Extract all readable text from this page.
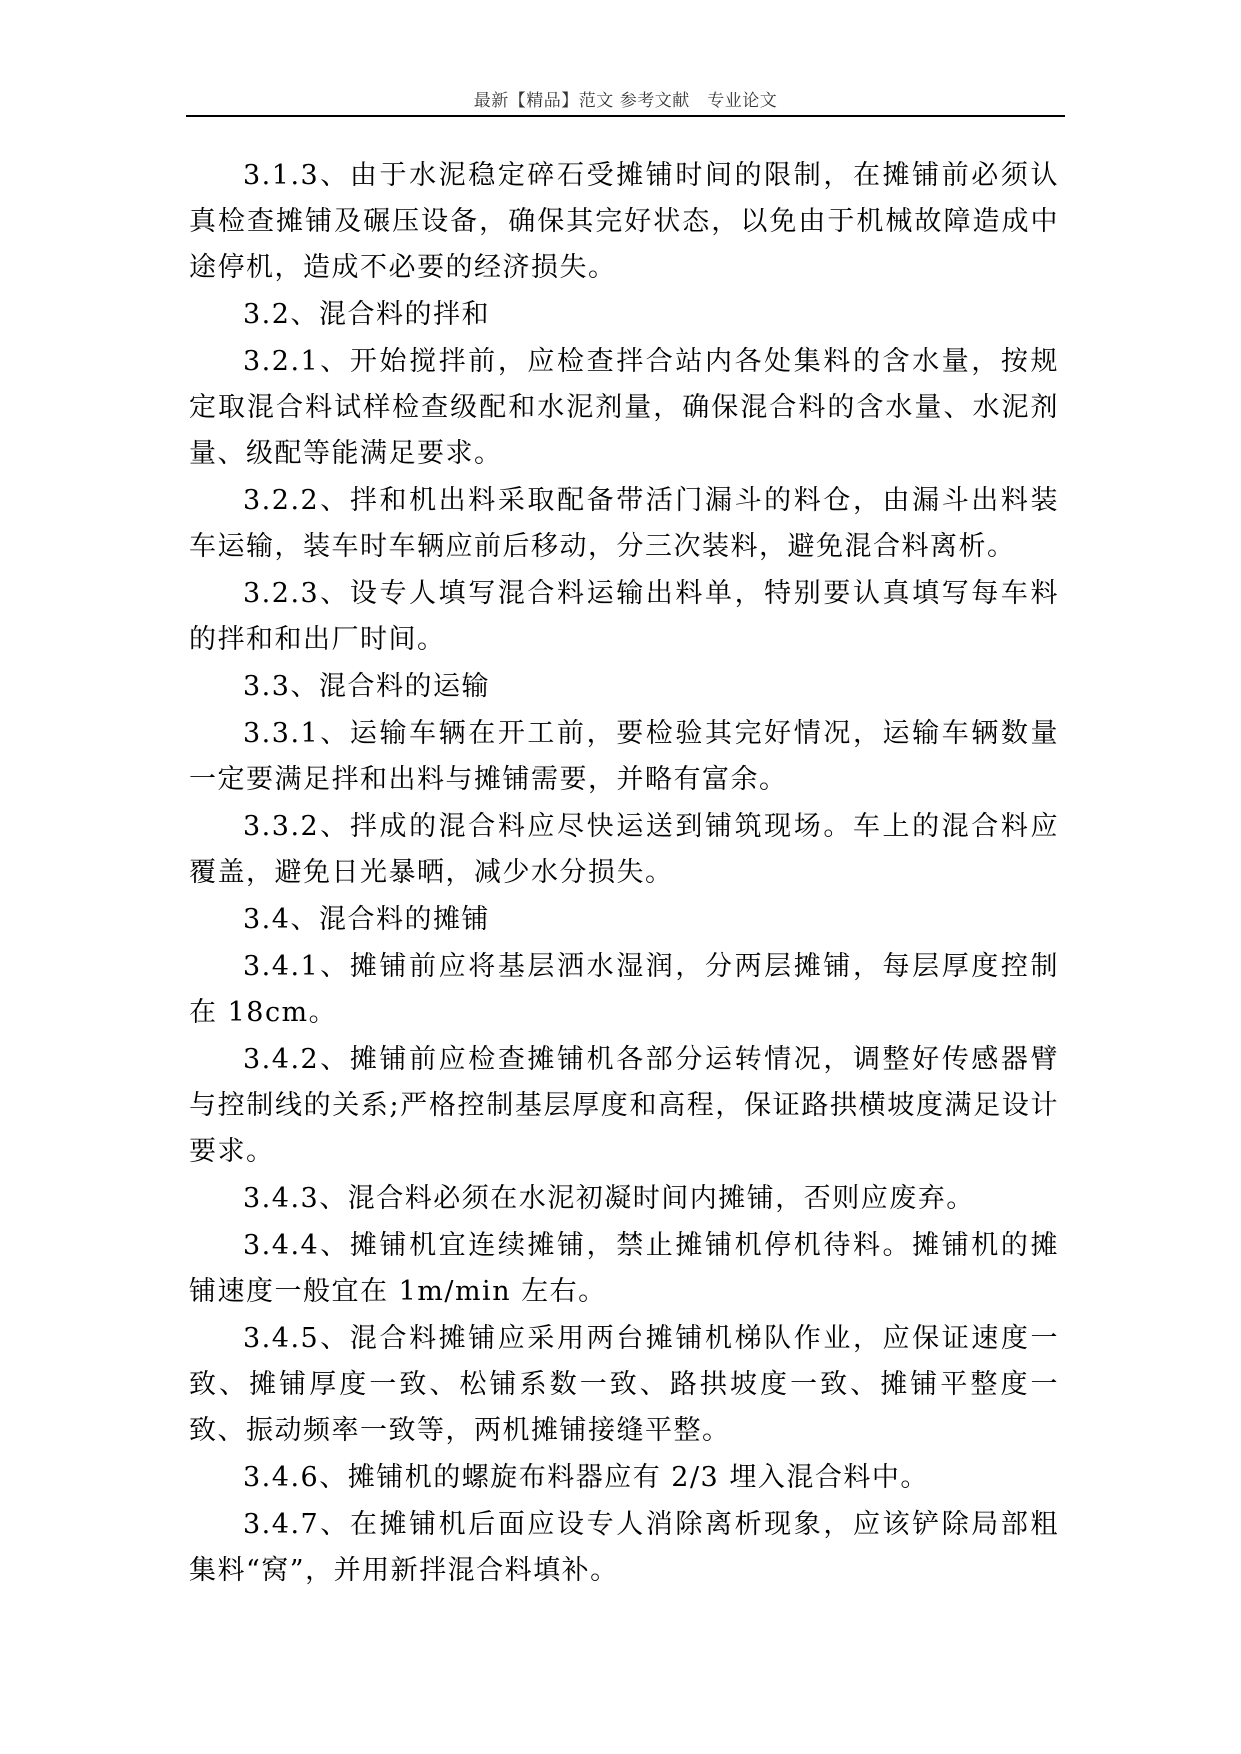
最新【精品】范文 参考文献　专业论文

3.1.3、由于水泥稳定碎石受摊铺时间的限制，在摊铺前必须认真检查摊铺及碾压设备，确保其完好状态，以免由于机械故障造成中途停机，造成不必要的经济损失。

3.2、混合料的拌和

3.2.1、开始搅拌前，应检查拌合站内各处集料的含水量，按规定取混合料试样检查级配和水泥剂量，确保混合料的含水量、水泥剂量、级配等能满足要求。

3.2.2、拌和机出料采取配备带活门漏斗的料仓，由漏斗出料装车运输，装车时车辆应前后移动，分三次装料，避免混合料离析。

3.2.3、设专人填写混合料运输出料单，特别要认真填写每车料的拌和和出厂时间。

3.3、混合料的运输

3.3.1、运输车辆在开工前，要检验其完好情况，运输车辆数量一定要满足拌和出料与摊铺需要，并略有富余。

3.3.2、拌成的混合料应尽快运送到铺筑现场。车上的混合料应覆盖，避免日光暴晒，减少水分损失。

3.4、混合料的摊铺

3.4.1、摊铺前应将基层洒水湿润，分两层摊铺，每层厚度控制在 18cm。

3.4.2、摊铺前应检查摊铺机各部分运转情况，调整好传感器臂与控制线的关系;严格控制基层厚度和高程，保证路拱横坡度满足设计要求。

3.4.3、混合料必须在水泥初凝时间内摊铺，否则应废弃。

3.4.4、摊铺机宜连续摊铺，禁止摊铺机停机待料。摊铺机的摊铺速度一般宜在 1m/min 左右。

3.4.5、混合料摊铺应采用两台摊铺机梯队作业，应保证速度一致、摊铺厚度一致、松铺系数一致、路拱坡度一致、摊铺平整度一致、振动频率一致等，两机摊铺接缝平整。

3.4.6、摊铺机的螺旋布料器应有 2/3 埋入混合料中。

3.4.7、在摊铺机后面应设专人消除离析现象，应该铲除局部粗集料“窝”，并用新拌混合料填补。
